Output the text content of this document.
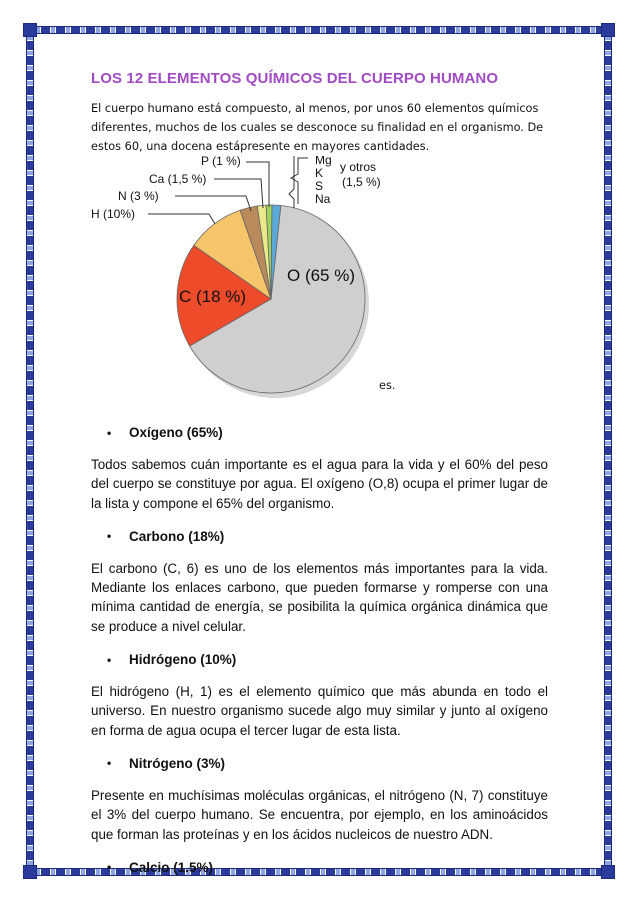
LOS 12 ELEMENTOS QUÍMICOS DEL CUERPO HUMANO

El cuerpo humano está compuesto, al menos, por unos 60 elementos químicos diferentes, muchos de los cuales se desconoce su finalidad en el organismo. De estos 60, una docena estápresente en mayores cantidades.

O (65 %)
C (18 %)
H (10%)
N (3 %)
Ca (1,5 %)
P (1 %)	Mg
K
S
Na
y otros
(1,5 %)
es.
•	Oxígeno (65%)

Todos sabemos cuán importante es el agua para la vida y el 60% del peso del cuerpo se constituye por agua. El oxígeno (O,8) ocupa el primer lugar de la lista y compone el 65% del organismo.

•	Carbono (18%)

El carbono (C, 6) es uno de los elementos más importantes para la vida. Mediante los enlaces carbono, que pueden formarse y romperse con una mínima cantidad de energía, se posibilita la química orgánica dinámica que se produce a nivel celular.

•	Hidrógeno (10%)

El hidrógeno (H, 1) es el elemento químico que más abunda en todo el universo. En nuestro organismo sucede algo muy similar y junto al oxígeno en forma de agua ocupa el tercer lugar de esta lista.

•	Nitrógeno (3%)

Presente en muchísimas moléculas orgánicas, el nitrógeno (N, 7) constituye el 3% del cuerpo humano. Se encuentra, por ejemplo, en los aminoácidos que forman las proteínas y en los ácidos nucleicos de nuestro ADN.

•	Calcio (1.5%)
